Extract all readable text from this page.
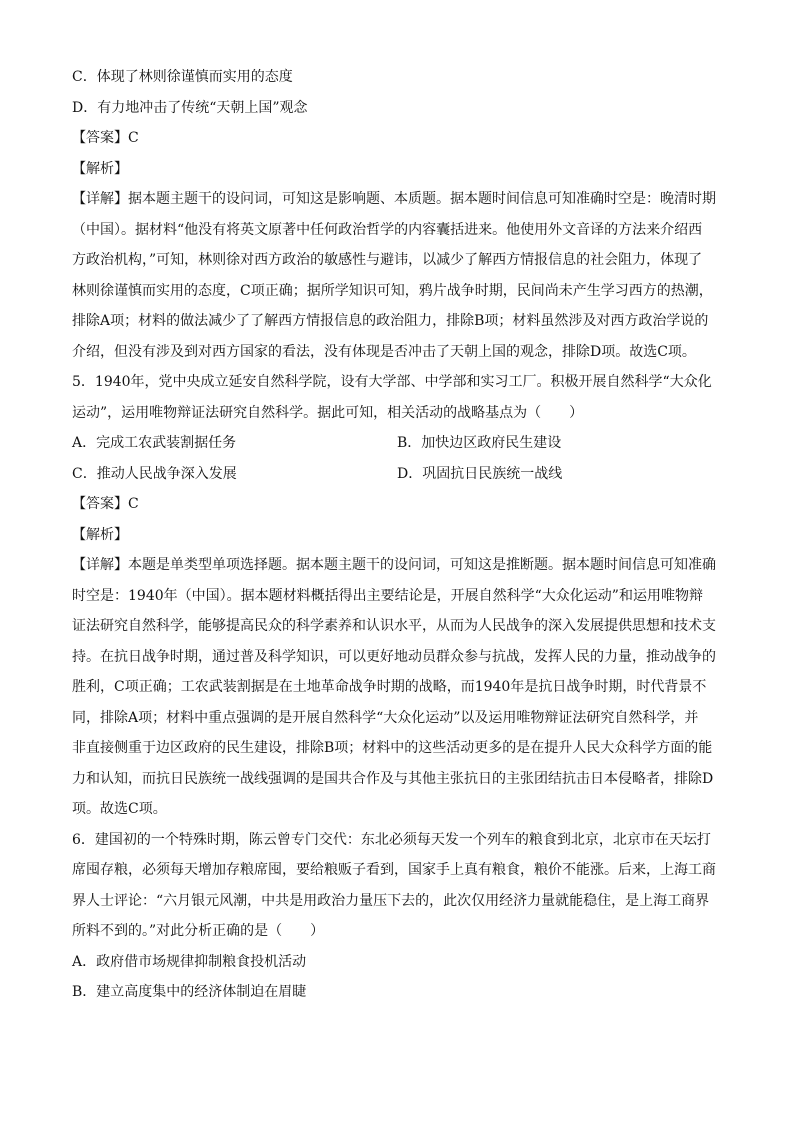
C．体现了林则徐谨慎而实用的态度
D．有力地冲击了传统“天朝上国”观念
【答案】C
【解析】
【详解】据本题主题干的设问词，可知这是影响题、本质题。据本题时间信息可知准确时空是：晚清时期
（中国）。据材料“他没有将英文原著中任何政治哲学的内容囊括进来。他使用外文音译的方法来介绍西
方政治机构，”可知，林则徐对西方政治的敏感性与避讳，以减少了解西方情报信息的社会阻力，体现了
林则徐谨慎而实用的态度，C项正确；据所学知识可知，鸦片战争时期，民间尚未产生学习西方的热潮，
排除A项；材料的做法减少了了解西方情报信息的政治阻力，排除B项；材料虽然涉及对西方政治学说的
介绍，但没有涉及到对西方国家的看法，没有体现是否冲击了天朝上国的观念，排除D项。故选C项。
5．1940年，党中央成立延安自然科学院，设有大学部、中学部和实习工厂。积极开展自然科学“大众化
运动”，运用唯物辩证法研究自然科学。据此可知，相关活动的战略基点为（　　）
A．完成工农武装割据任务	B．加快边区政府民生建设
C．推动人民战争深入发展	D．巩固抗日民族统一战线
【答案】C
【解析】
【详解】本题是单类型单项选择题。据本题主题干的设问词，可知这是推断题。据本题时间信息可知准确
时空是：1940年（中国）。据本题材料概括得出主要结论是，开展自然科学“大众化运动”和运用唯物辩
证法研究自然科学，能够提高民众的科学素养和认识水平，从而为人民战争的深入发展提供思想和技术支
持。在抗日战争时期，通过普及科学知识，可以更好地动员群众参与抗战，发挥人民的力量，推动战争的
胜利，C项正确；工农武装割据是在土地革命战争时期的战略，而1940年是抗日战争时期，时代背景不
同，排除A项；材料中重点强调的是开展自然科学“大众化运动”以及运用唯物辩证法研究自然科学，并
非直接侧重于边区政府的民生建设，排除B项；材料中的这些活动更多的是在提升人民大众科学方面的能
力和认知，而抗日民族统一战线强调的是国共合作及与其他主张抗日的主张团结抗击日本侵略者，排除D
项。故选C项。
6．建国初的一个特殊时期，陈云曾专门交代：东北必须每天发一个列车的粮食到北京，北京市在天坛打
席囤存粮，必须每天增加存粮席囤，要给粮贩子看到，国家手上真有粮食，粮价不能涨。后来，上海工商
界人士评论：“六月银元风潮，中共是用政治力量压下去的，此次仅用经济力量就能稳住，是上海工商界
所料不到的。”对此分析正确的是（　　）
A．政府借市场规律抑制粮食投机活动
B．建立高度集中的经济体制迫在眉睫
